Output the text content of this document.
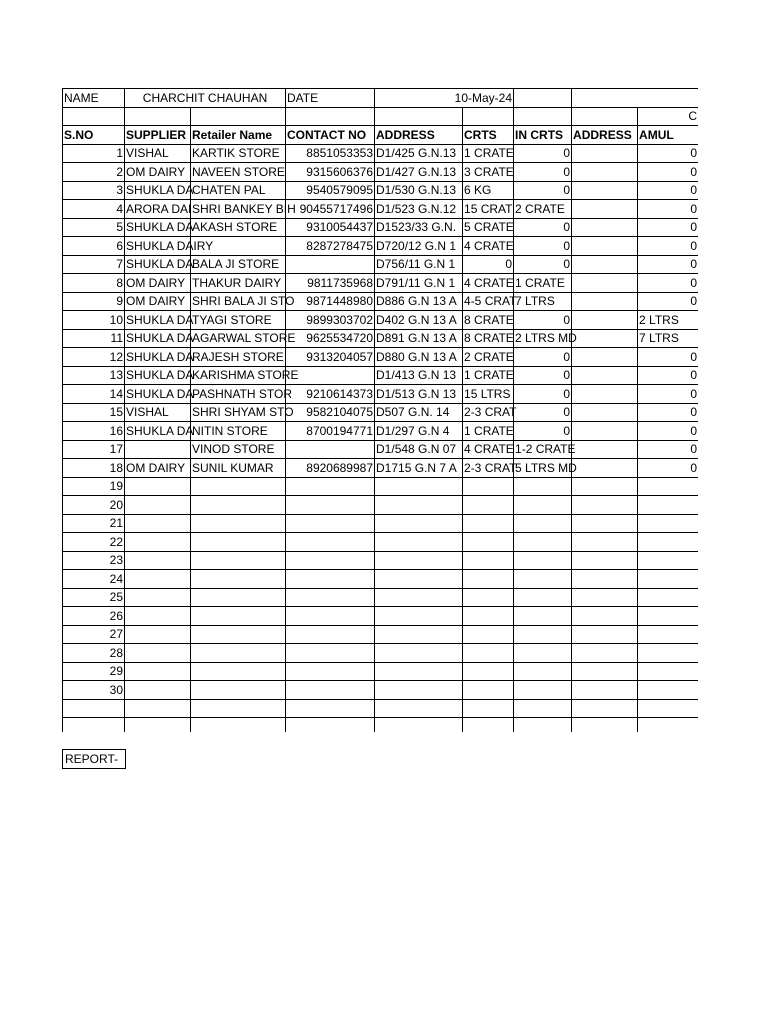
NAME	CHARCHIT CHAUHAN		DATE	10-May-24				
								C
S.NO	SUPPLIER	Retailer Name	CONTACT NO	ADDRESS	CRTS	IN CRTS	ADDRESS	AMUL
1	VISHAL	KARTIK STORE	8851053353	D1/425 G.N.13	1 CRATE	0		0
2	OM DAIRY	NAVEEN STORE	9315606376	D1/427 G.N.13	3 CRATE	0		0
3	SHUKLA DA	CHATEN PAL	9540579095	D1/530 G.N.13	6 KG	0		0
4	ARORA DAI	SHRI BANKEY BIH	90455717496	D1/523 G.N.12	15 CRAT	2 CRATE		0
5	SHUKLA DA	AKASH STORE	9310054437	D1523/33 G.N.	5 CRATE	0		0
6	SHUKLA DAIRY		8287278475	D720/12 G.N 1	4 CRATE	0		0
7	SHUKLA DA	BALA JI STORE		D756/11 G.N 1	0	0		0
8	OM DAIRY	THAKUR DAIRY	9811735968	D791/11 G.N 1	4 CRATE	1 CRATE		0
9	OM DAIRY	SHRI BALA JI STO	9871448980	D886 G.N 13 A	4-5 CRAT	7 LTRS		0
10	SHUKLA DA	TYAGI STORE	9899303702	D402 G.N 13 A	8 CRATE	0		2 LTRS
11	SHUKLA DA	AGARWAL STORE	9625534720	D891 G.N 13 A	8 CRATE	2 LTRS MD		7 LTRS
12	SHUKLA DA	RAJESH STORE	9313204057	D880 G.N 13 A	2 CRATE	0		0
13	SHUKLA DA	KARISHMA STORE		D1/413 G.N 13	1 CRATE	0		0
14	SHUKLA DA	PASHNATH STOR	9210614373	D1/513 G.N 13	15 LTRS	0		0
15	VISHAL	SHRI SHYAM STO	9582104075	D507 G.N. 14	2-3 CRAT	0		0
16	SHUKLA DA	NITIN STORE	8700194771	D1/297 G.N 4	1 CRATE	0		0
17		VINOD STORE		D1/548 G.N 07	4 CRATE	1-2 CRATE		0
18	OM DAIRY	SUNIL KUMAR	8920689987	D1715 G.N 7 A	2-3 CRAT	5 LTRS MD		0
19								
20								
21								
22								
23								
24								
25								
26								
27								
28								
29								
30								

REPORT-
